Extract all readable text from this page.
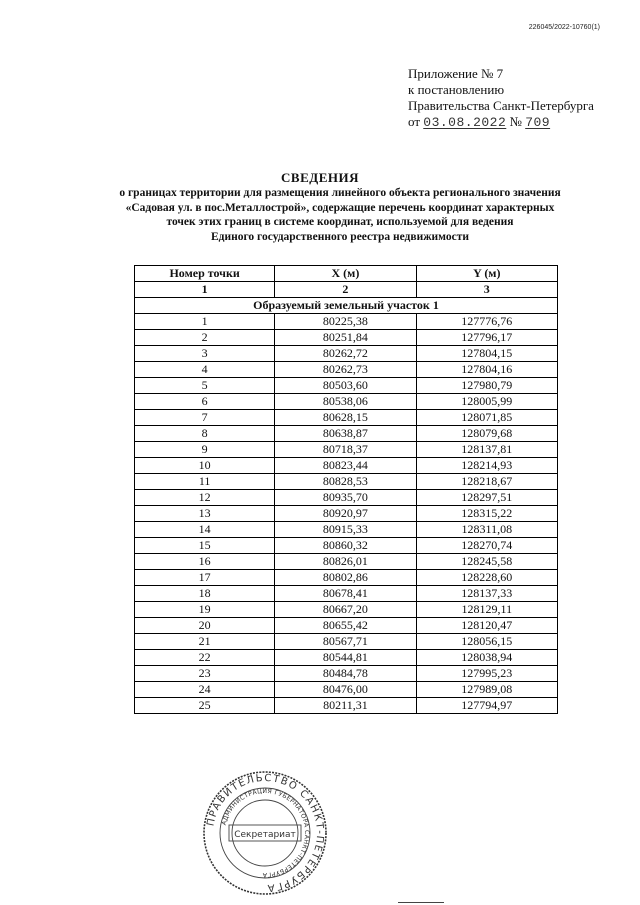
226045/2022-10760(1)
Приложение № 7
к постановлению
Правительства Санкт-Петербурга
от 03.08.2022 № 709
СВЕДЕНИЯ
о границах территории для размещения линейного объекта регионального значения
«Садовая ул. в пос.Металлострой», содержащие перечень координат характерных
точек этих границ в системе координат, используемой для ведения
Единого государственного реестра недвижимости
Номер точки	X (м)	Y (м)
1	2	3
Образуемый земельный участок 1		
1	80225,38	127776,76
2	80251,84	127796,17
3	80262,72	127804,15
4	80262,73	127804,16
5	80503,60	127980,79
6	80538,06	128005,99
7	80628,15	128071,85
8	80638,87	128079,68
9	80718,37	128137,81
10	80823,44	128214,93
11	80828,53	128218,67
12	80935,70	128297,51
13	80920,97	128315,22
14	80915,33	128311,08
15	80860,32	128270,74
16	80826,01	128245,58
17	80802,86	128228,60
18	80678,41	128137,33
19	80667,20	128129,11
20	80655,42	128120,47
21	80567,71	128056,15
22	80544,81	128038,94
23	80484,78	127995,23
24	80476,00	127989,08
25	80211,31	127794,97
ПРАВИТЕЛЬСТВО САНКТ-ПЕТЕРБУРГА
АДМИНИСТРАЦИЯ ГУБЕРНАТОРА САНКТ-ПЕТЕРБУРГА
Секретариат
